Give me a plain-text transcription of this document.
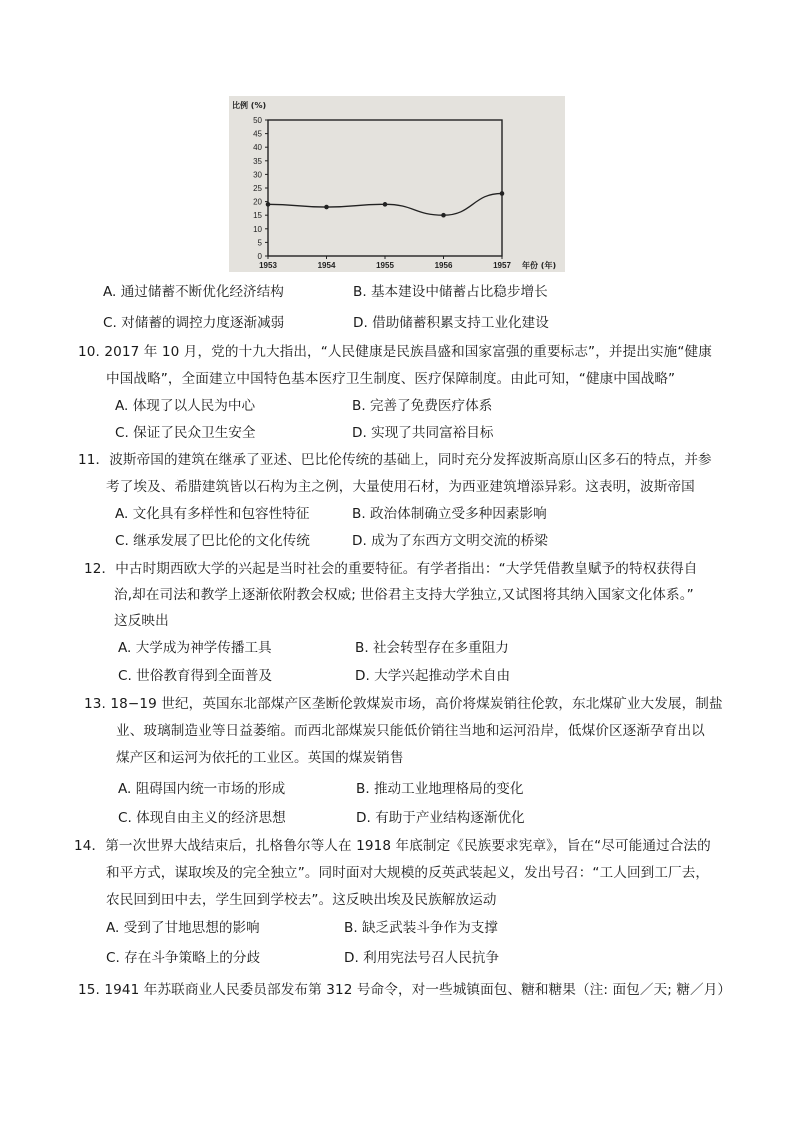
0
5
10
15
20
25
30
35
40
45
50
比例 (%)
1953	1954	1955	1956	1957 年份 (年)
A. 通过储蓄不断优化经济结构	B. 基本建设中储蓄占比稳步增长
C. 对储蓄的调控力度逐渐减弱	D. 借助储蓄积累支持工业化建设
10. 2017 年 10 月，党的十九大指出，“人民健康是民族昌盛和国家富强的重要标志”，并提出实施“健康
中国战略”，全面建立中国特色基本医疗卫生制度、医疗保障制度。由此可知，“健康中国战略”
A. 体现了以人民为中心	B. 完善了免费医疗体系
C. 保证了民众卫生安全	D. 实现了共同富裕目标
11．波斯帝国的建筑在继承了亚述、巴比伦传统的基础上，同时充分发挥波斯高原山区多石的特点，并参
考了埃及、希腊建筑皆以石构为主之例，大量使用石材，为西亚建筑增添异彩。这表明，波斯帝国
A. 文化具有多样性和包容性特征	B. 政治体制确立受多种因素影响
C. 继承发展了巴比伦的文化传统	D. 成为了东西方文明交流的桥梁
12．中古时期西欧大学的兴起是当时社会的重要特征。有学者指出：“大学凭借教皇赋予的特权获得自
治,却在司法和教学上逐渐依附教会权威; 世俗君主支持大学独立,又试图将其纳入国家文化体系。”
这反映出
A. 大学成为神学传播工具	B. 社会转型存在多重阻力
C. 世俗教育得到全面普及	D. 大学兴起推动学术自由
13. 18−19 世纪，英国东北部煤产区垄断伦敦煤炭市场，高价将煤炭销往伦敦，东北煤矿业大发展，制盐
业、玻璃制造业等日益萎缩。而西北部煤炭只能低价销往当地和运河沿岸，低煤价区逐渐孕育出以
煤产区和运河为依托的工业区。英国的煤炭销售
A. 阻碍国内统一市场的形成	B. 推动工业地理格局的变化
C. 体现自由主义的经济思想	D. 有助于产业结构逐渐优化
14．第一次世界大战结束后，扎格鲁尔等人在 1918 年底制定《民族要求宪章》，旨在“尽可能通过合法的
和平方式，谋取埃及的完全独立”。同时面对大规模的反英武装起义，发出号召：“工人回到工厂去，
农民回到田中去，学生回到学校去”。这反映出埃及民族解放运动
A. 受到了甘地思想的影响	B. 缺乏武装斗争作为支撑
C. 存在斗争策略上的分歧	D. 利用宪法号召人民抗争
15. 1941 年苏联商业人民委员部发布第 312 号命令，对一些城镇面包、糖和糖果（注: 面包／天; 糖／月）
